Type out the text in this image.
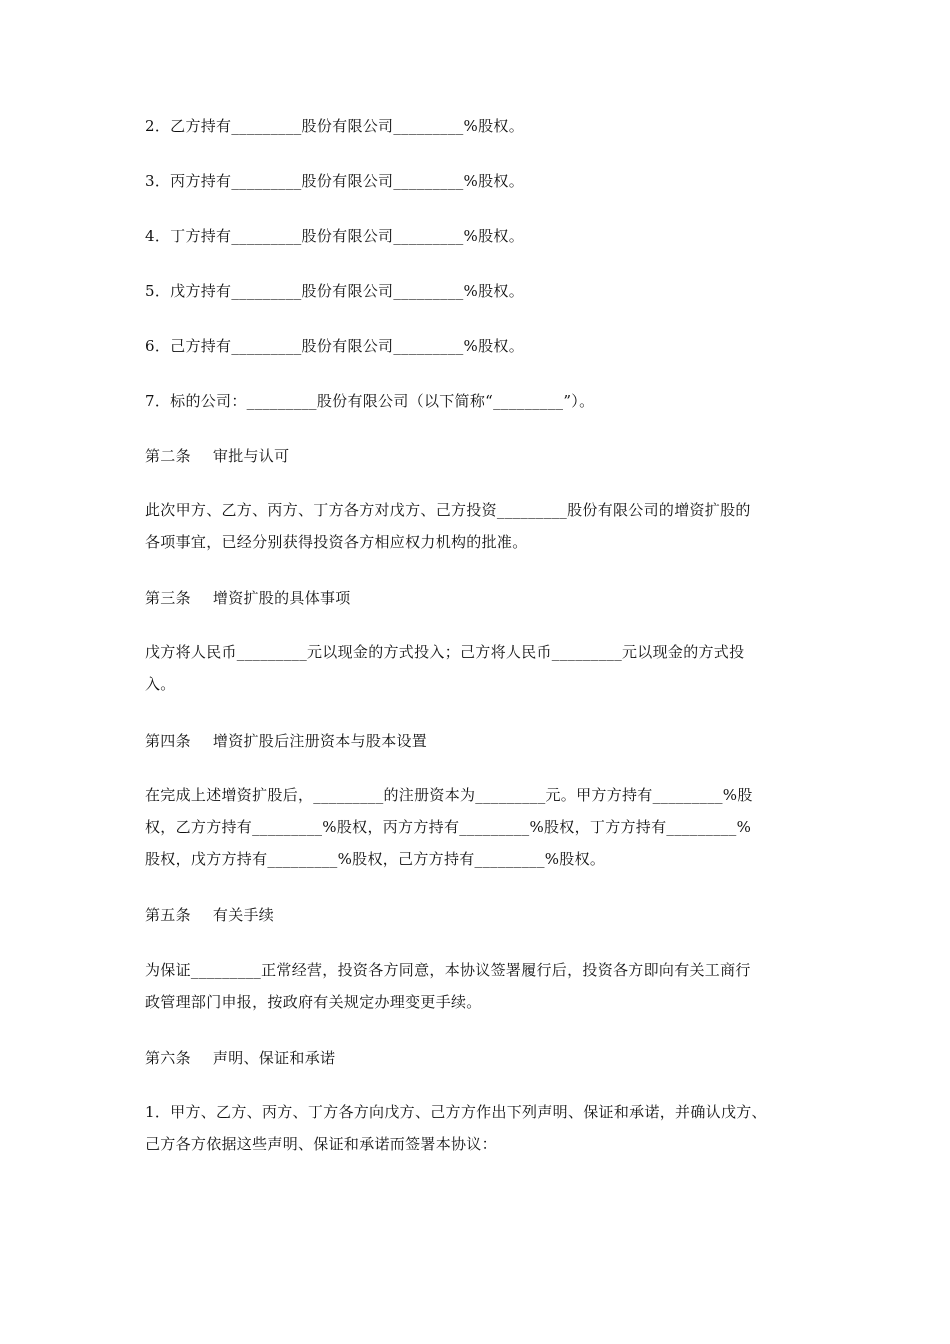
2．乙方持有_________股份有限公司_________%股权。

3．丙方持有_________股份有限公司_________%股权。

4．丁方持有_________股份有限公司_________%股权。

5．戊方持有_________股份有限公司_________%股权。

6．己方持有_________股份有限公司_________%股权。

7．标的公司：_________股份有限公司（以下简称“_________”）。

第二条 审批与认可

此次甲方、乙方、丙方、丁方各方对戊方、己方投资_________股份有限公司的增资扩股的
各项事宜，已经分别获得投资各方相应权力机构的批准。

第三条 增资扩股的具体事项

戊方将人民币_________元以现金的方式投入；己方将人民币_________元以现金的方式投
入。

第四条 增资扩股后注册资本与股本设置

在完成上述增资扩股后，_________的注册资本为_________元。甲方方持有_________%股
权，乙方方持有_________%股权，丙方方持有_________%股权，丁方方持有_________%
股权，戊方方持有_________%股权，己方方持有_________%股权。

第五条 有关手续

为保证_________正常经营，投资各方同意，本协议签署履行后，投资各方即向有关工商行
政管理部门申报，按政府有关规定办理变更手续。

第六条 声明、保证和承诺

1．甲方、乙方、丙方、丁方各方向戊方、己方方作出下列声明、保证和承诺，并确认戊方、
己方各方依据这些声明、保证和承诺而签署本协议：
